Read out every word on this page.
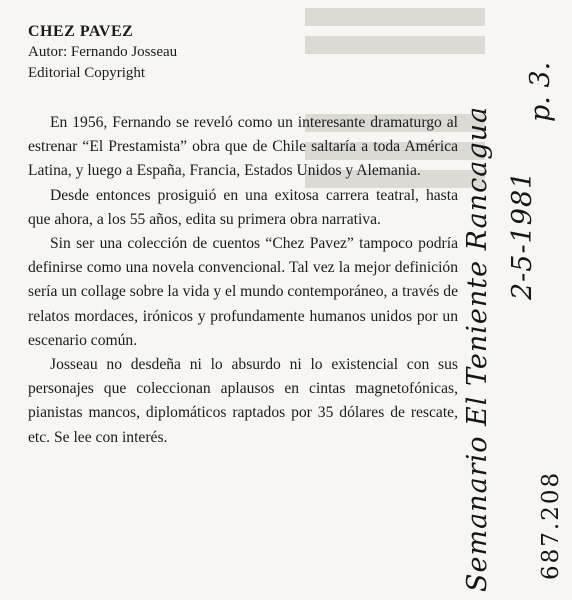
CHEZ PAVEZ
Autor: Fernando Josseau
Editorial Copyright

En 1956, Fernando se reveló como un interesante dramaturgo al estrenar “El Prestamista” obra que de Chile saltaría a toda América Latina, y luego a España, Francia, Estados Unidos y Alemania.

Desde entonces prosiguió en una exitosa carrera teatral, hasta que ahora, a los 55 años, edita su primera obra narrativa.

Sin ser una colección de cuentos “Chez Pavez” tampoco podría definirse como una novela convencional. Tal vez la mejor definición sería un collage sobre la vida y el mundo contemporáneo, a través de relatos mordaces, irónicos y profundamente humanos unidos por un escenario común.

Josseau no desdeña ni lo absurdo ni lo existencial con sus personajes que coleccionan aplausos en cintas magnetofónicas, pianistas mancos, diplomáticos raptados por 35 dólares de rescate, etc. Se lee con interés.	Semanario El Teniente Rancagua 2-5-1981
p. 3.
687.208
